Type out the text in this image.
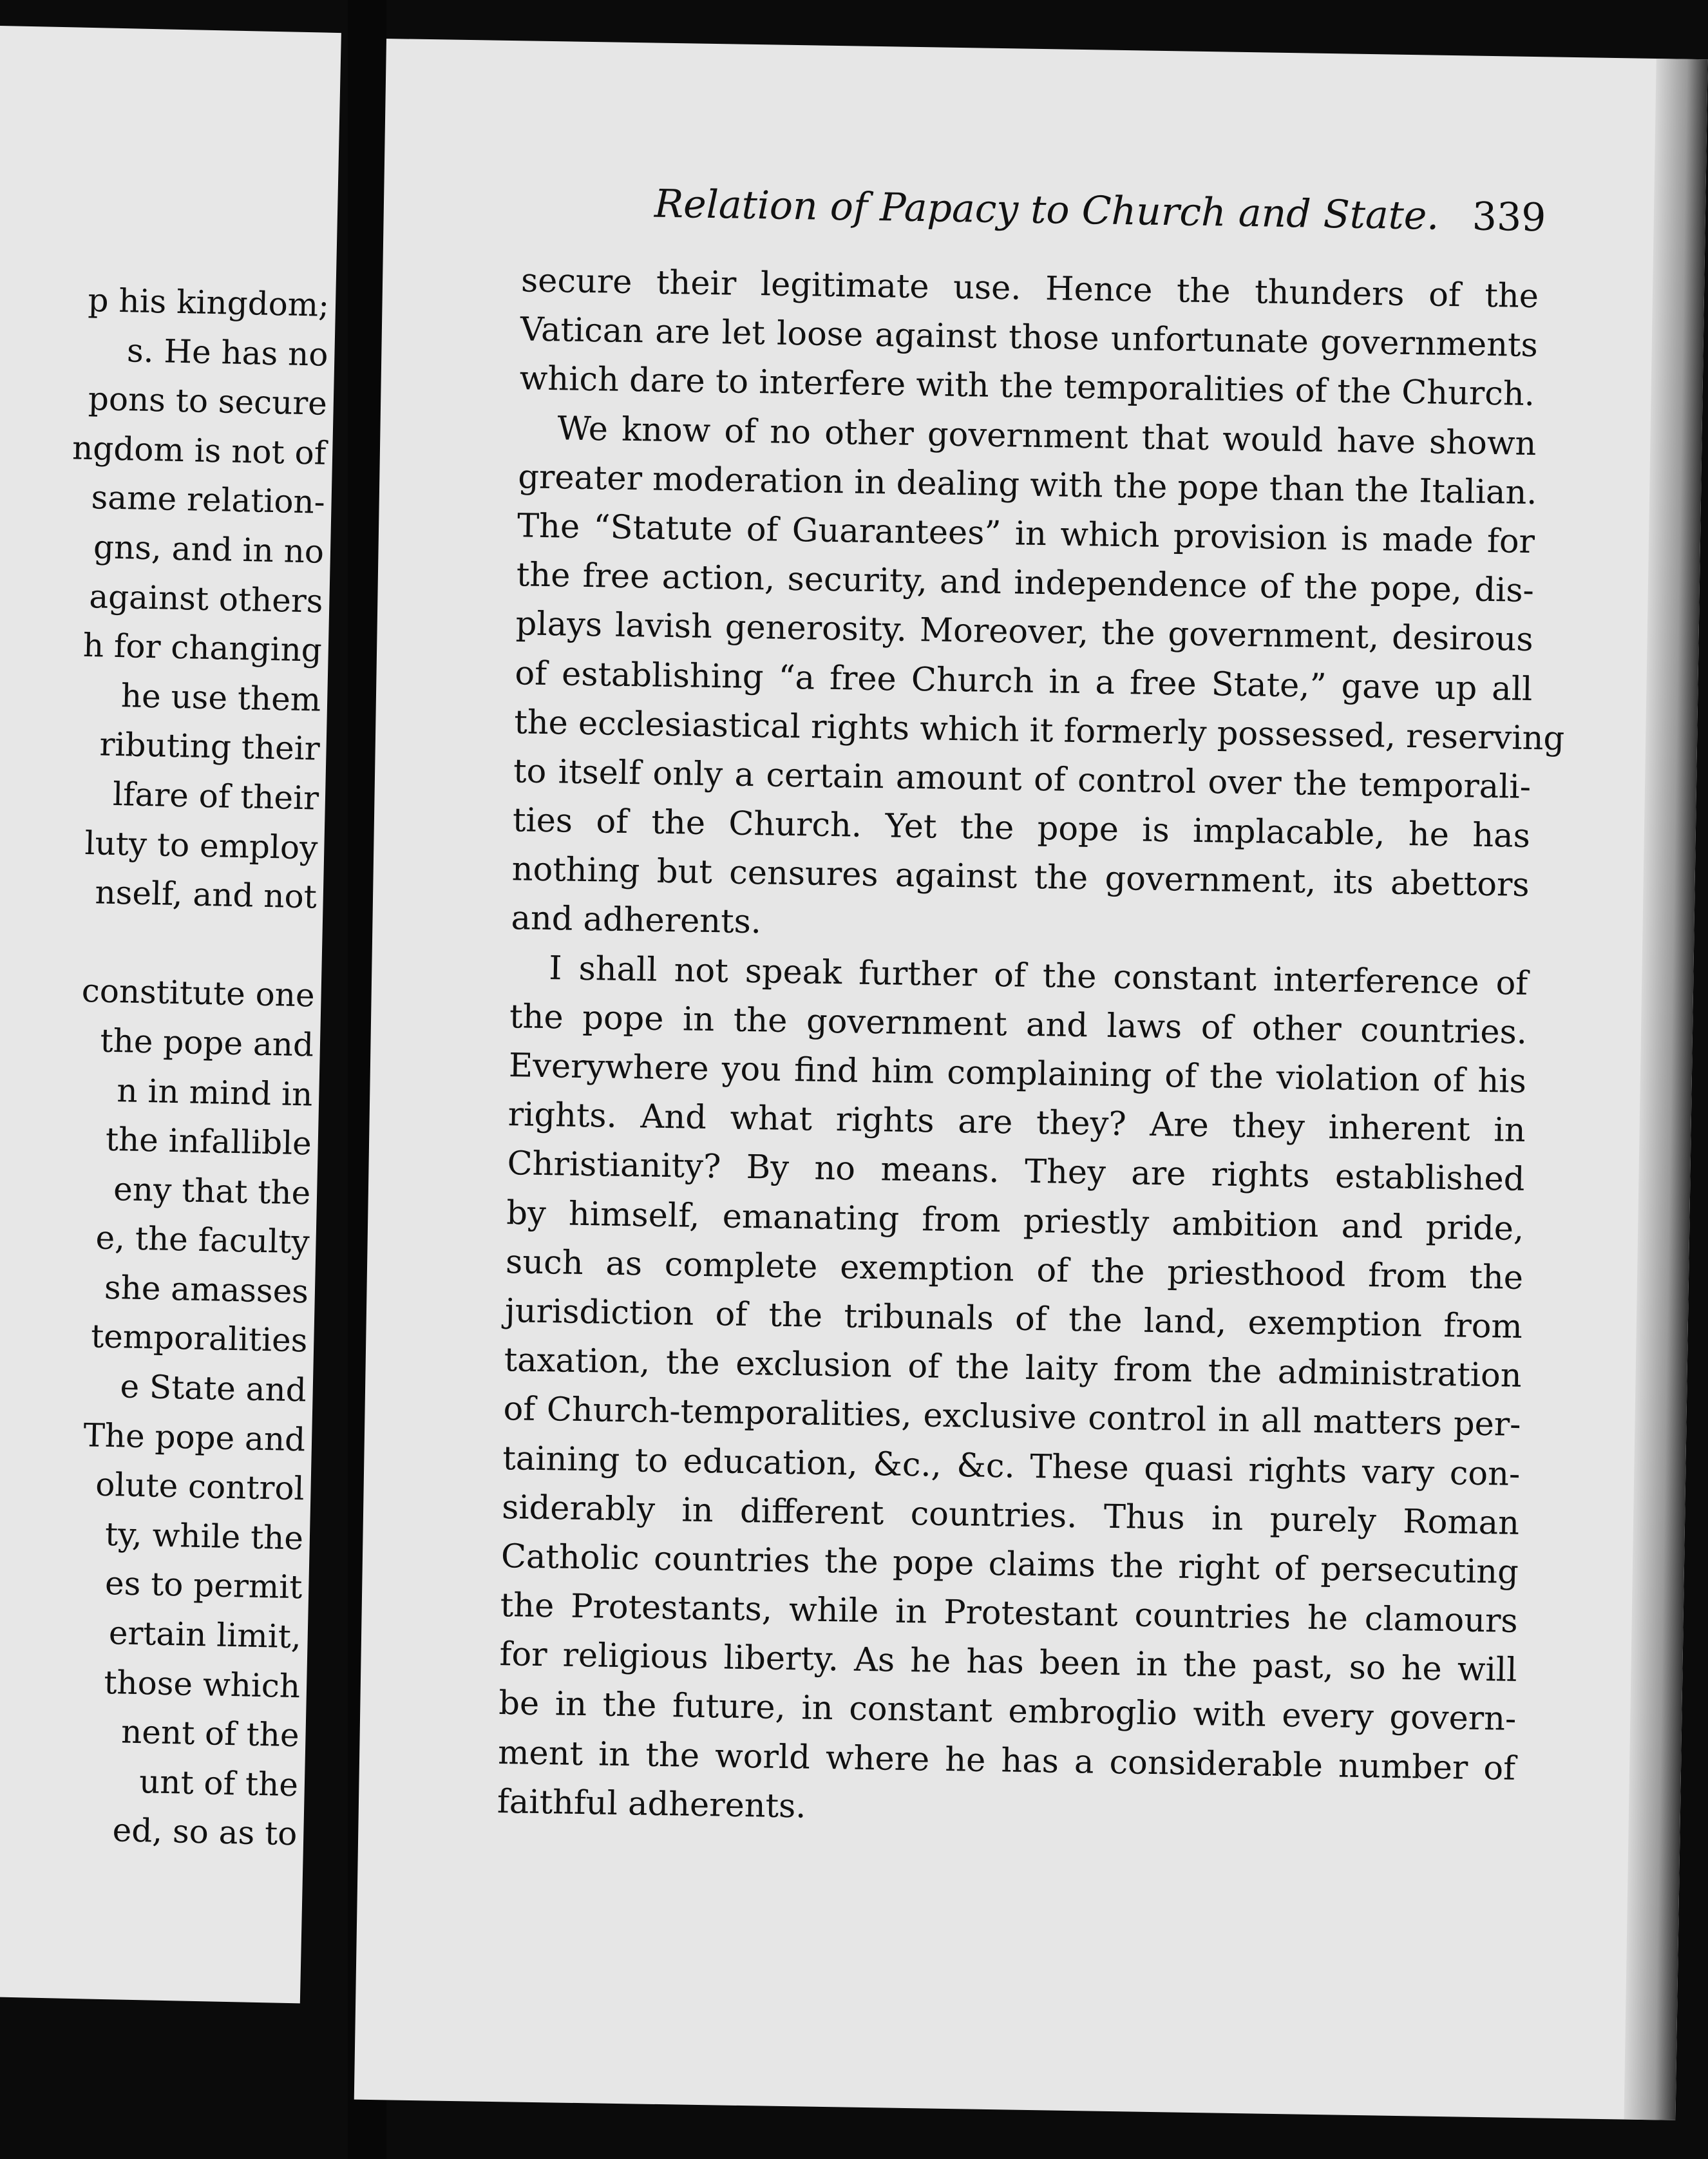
p his kingdom;
s. He has no
pons to secure
ngdom is not of
same relation-
gns, and in no
against others
h for changing
he use them
ributing their
lfare of their
luty to employ
nself, and not
constitute one
the pope and
n in mind in
the infallible
eny that the
e, the faculty
she amasses
temporalities
e State and
The pope and
olute control
ty, while the
es to permit
ertain limit,
those which
nent of the
unt of the
ed, so as to
Relation of Papacy to Church and State. 339
secure their legitimate use. Hence the thunders of the
Vatican are let loose against those unfortunate governments
which dare to interfere with the temporalities of the Church.
We know of no other government that would have shown
greater moderation in dealing with the pope than the Italian.
The “Statute of Guarantees” in which provision is made for
the free action, security, and independence of the pope, dis-
plays lavish generosity. Moreover, the government, desirous
of establishing “a free Church in a free State,” gave up all
the ecclesiastical rights which it formerly possessed, reserving
to itself only a certain amount of control over the temporali-
ties of the Church. Yet the pope is implacable, he has
nothing but censures against the government, its abettors
and adherents.
I shall not speak further of the constant interference of
the pope in the government and laws of other countries.
Everywhere you find him complaining of the violation of his
rights. And what rights are they? Are they inherent in
Christianity? By no means. They are rights established
by himself, emanating from priestly ambition and pride,
such as complete exemption of the priesthood from the
jurisdiction of the tribunals of the land, exemption from
taxation, the exclusion of the laity from the administration
of Church-temporalities, exclusive control in all matters per-
taining to education, &c., &c. These quasi rights vary con-
siderably in different countries. Thus in purely Roman
Catholic countries the pope claims the right of persecuting
the Protestants, while in Protestant countries he clamours
for religious liberty. As he has been in the past, so he will
be in the future, in constant embroglio with every govern-
ment in the world where he has a considerable number of
faithful adherents.
